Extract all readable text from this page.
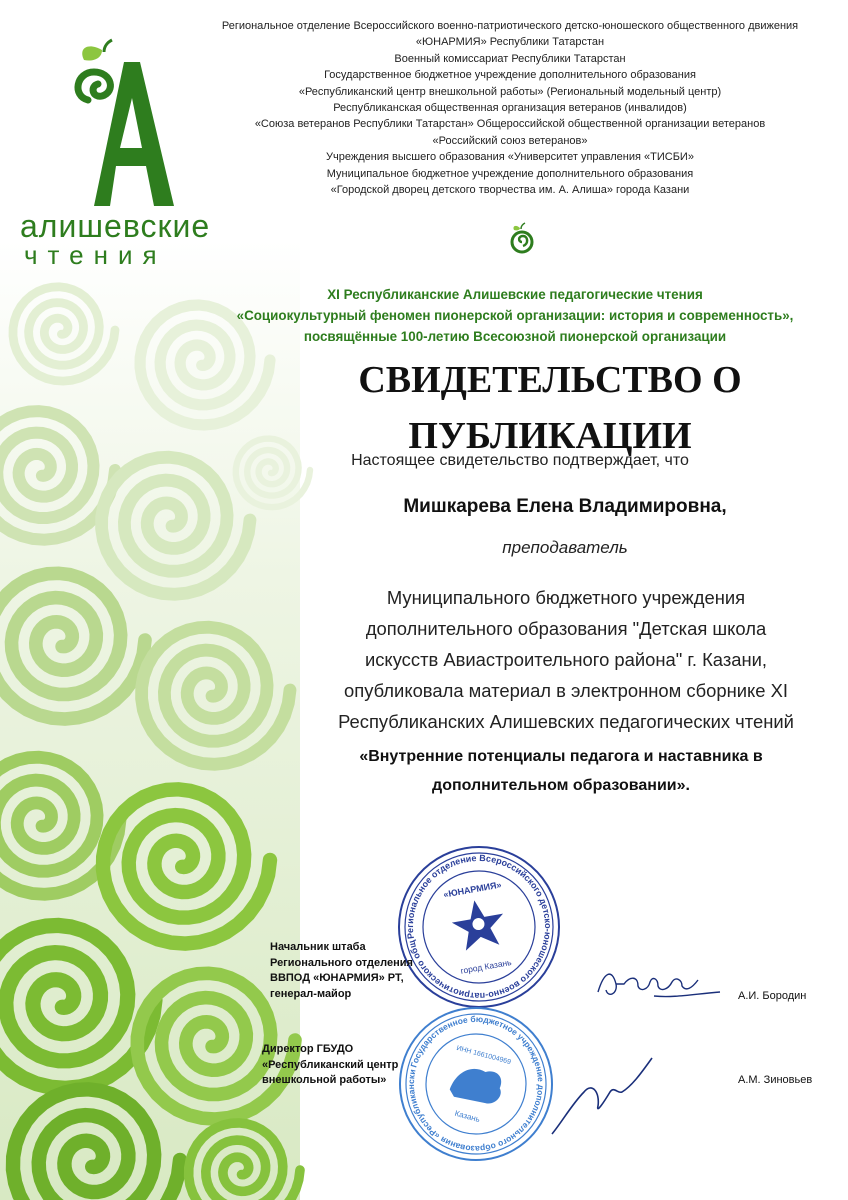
алишевские
чтения
Региональное отделение Всероссийского военно-патриотического детско-юношеского общественного движения
«ЮНАРМИЯ» Республики Татарстан
Военный комиссариат Республики Татарстан
Государственное бюджетное учреждение дополнительного образования
«Республиканский центр внешкольной работы» (Региональный модельный центр)
Республиканская общественная организация ветеранов (инвалидов)
«Союза ветеранов Республики Татарстан» Общероссийской общественной организации ветеранов
«Российский союз ветеранов»
Учреждения высшего образования «Университет управления «ТИСБИ»
Муниципальное бюджетное учреждение дополнительного образования
«Городской дворец детского творчества им. А. Алиша» города Казани
XI Республиканские Алишевские педагогические чтения
«Социокультурный феномен пионерской организации: история и современность»,
посвящённые 100-летию Всесоюзной пионерской организации
СВИДЕТЕЛЬСТВО О
ПУБЛИКАЦИИ
Настоящее свидетельство подтверждает, что
Мишкарева Елена Владимировна,
преподаватель
Муниципального бюджетного учреждения
дополнительного образования "Детская школа
искусств Авиастроительного района" г. Казани,
опубликовала материал в электронном сборнике XI
Республиканских Алишевских педагогических чтений
«Внутренние потенциалы педагога и наставника в
дополнительном образовании».
Региональное отделение Всероссийского детско-юношеского военно-патриотического общественного
«ЮНАРМИЯ»
город Казань
Государственное бюджетное учреждение дополнительного образования «Республиканский
ИНН 1661004969
Казань
Начальник штаба
Регионального отделения
ВВПОД «ЮНАРМИЯ» РТ,
генерал-майор	А.И. Бородин
Директор ГБУДО
«Республиканский центр
внешкольной работы»	А.М. Зиновьев
